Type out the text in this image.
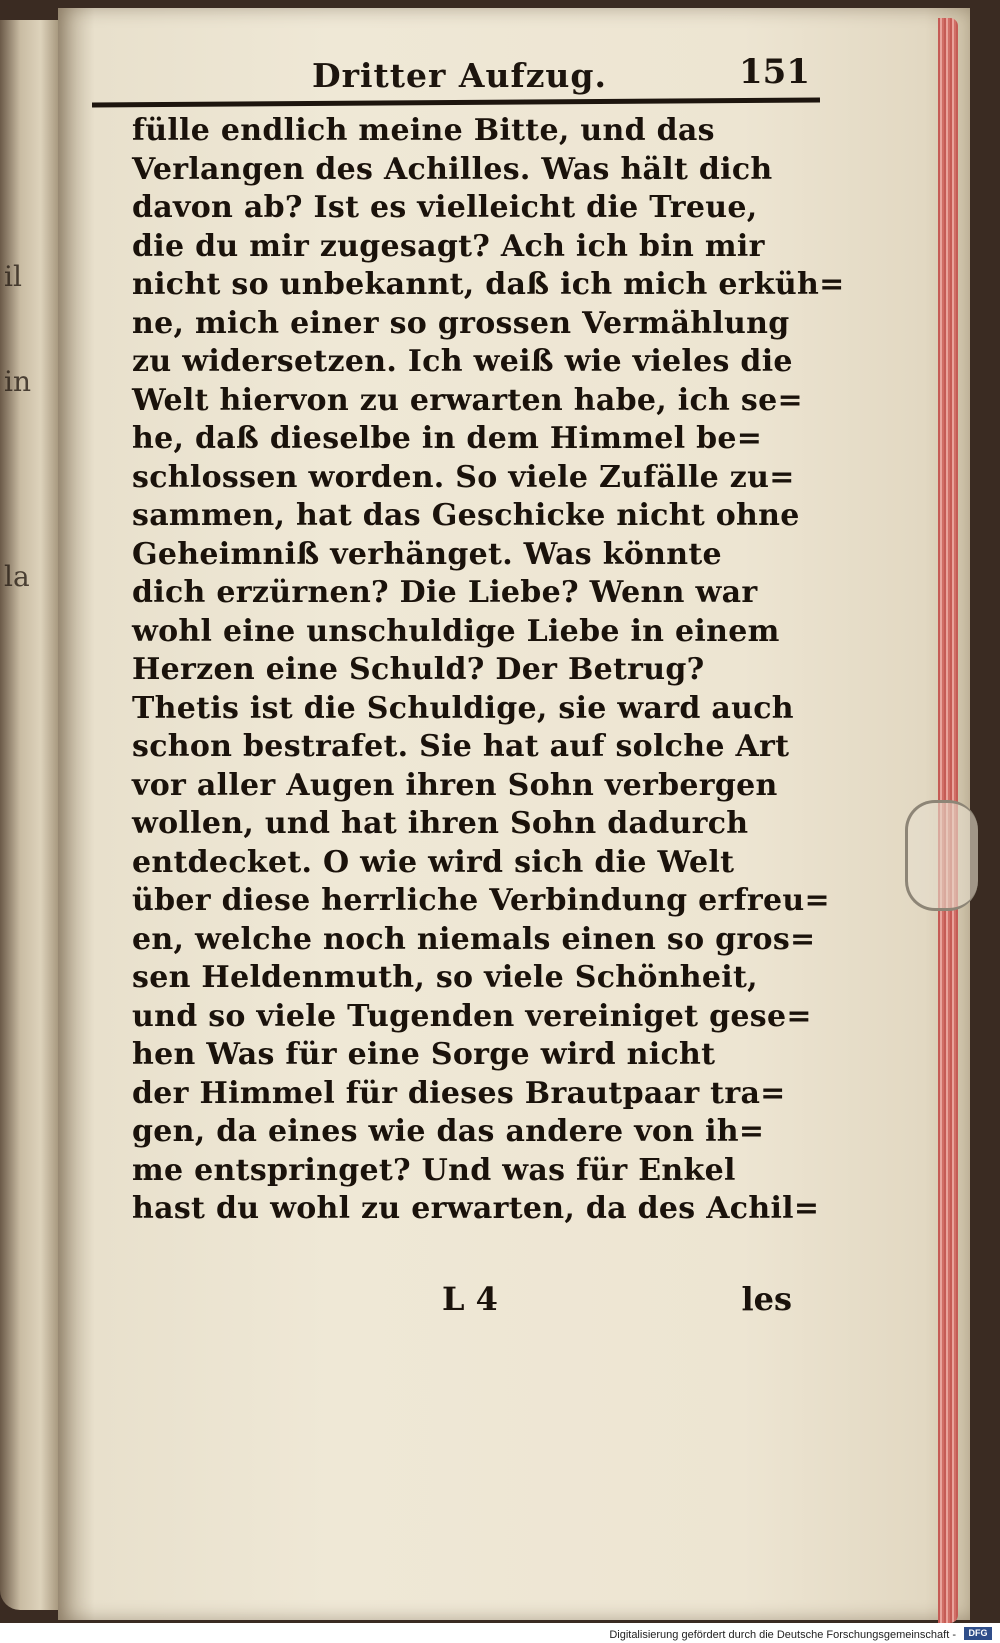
il
in
la
Dritter Aufzug.	151
fülle endlich meine Bitte, und das
Verlangen des Achilles. Was hält dich
davon ab? Ist es vielleicht die Treue,
die du mir zugesagt? Ach ich bin mir
nicht so unbekannt, daß ich mich erküh=
ne, mich einer so grossen Vermählung
zu widersetzen. Ich weiß wie vieles die
Welt hiervon zu erwarten habe, ich se=
he, daß dieselbe in dem Himmel be=
schlossen worden. So viele Zufälle zu=
sammen, hat das Geschicke nicht ohne
Geheimniß verhänget. Was könnte
dich erzürnen? Die Liebe? Wenn war
wohl eine unschuldige Liebe in einem
Herzen eine Schuld? Der Betrug?
Thetis ist die Schuldige, sie ward auch
schon bestrafet. Sie hat auf solche Art
vor aller Augen ihren Sohn verbergen
wollen, und hat ihren Sohn dadurch
entdecket. O wie wird sich die Welt
über diese herrliche Verbindung erfreu=
en, welche noch niemals einen so gros=
sen Heldenmuth, so viele Schönheit,
und so viele Tugenden vereiniget gese=
hen Was für eine Sorge wird nicht
der Himmel für dieses Brautpaar tra=
gen, da eines wie das andere von ih=
me entspringet? Und was für Enkel
hast du wohl zu erwarten, da des Achil=
L 4	les
Digitalisierung gefördert durch die Deutsche Forschungsgemeinschaft -	DFG
